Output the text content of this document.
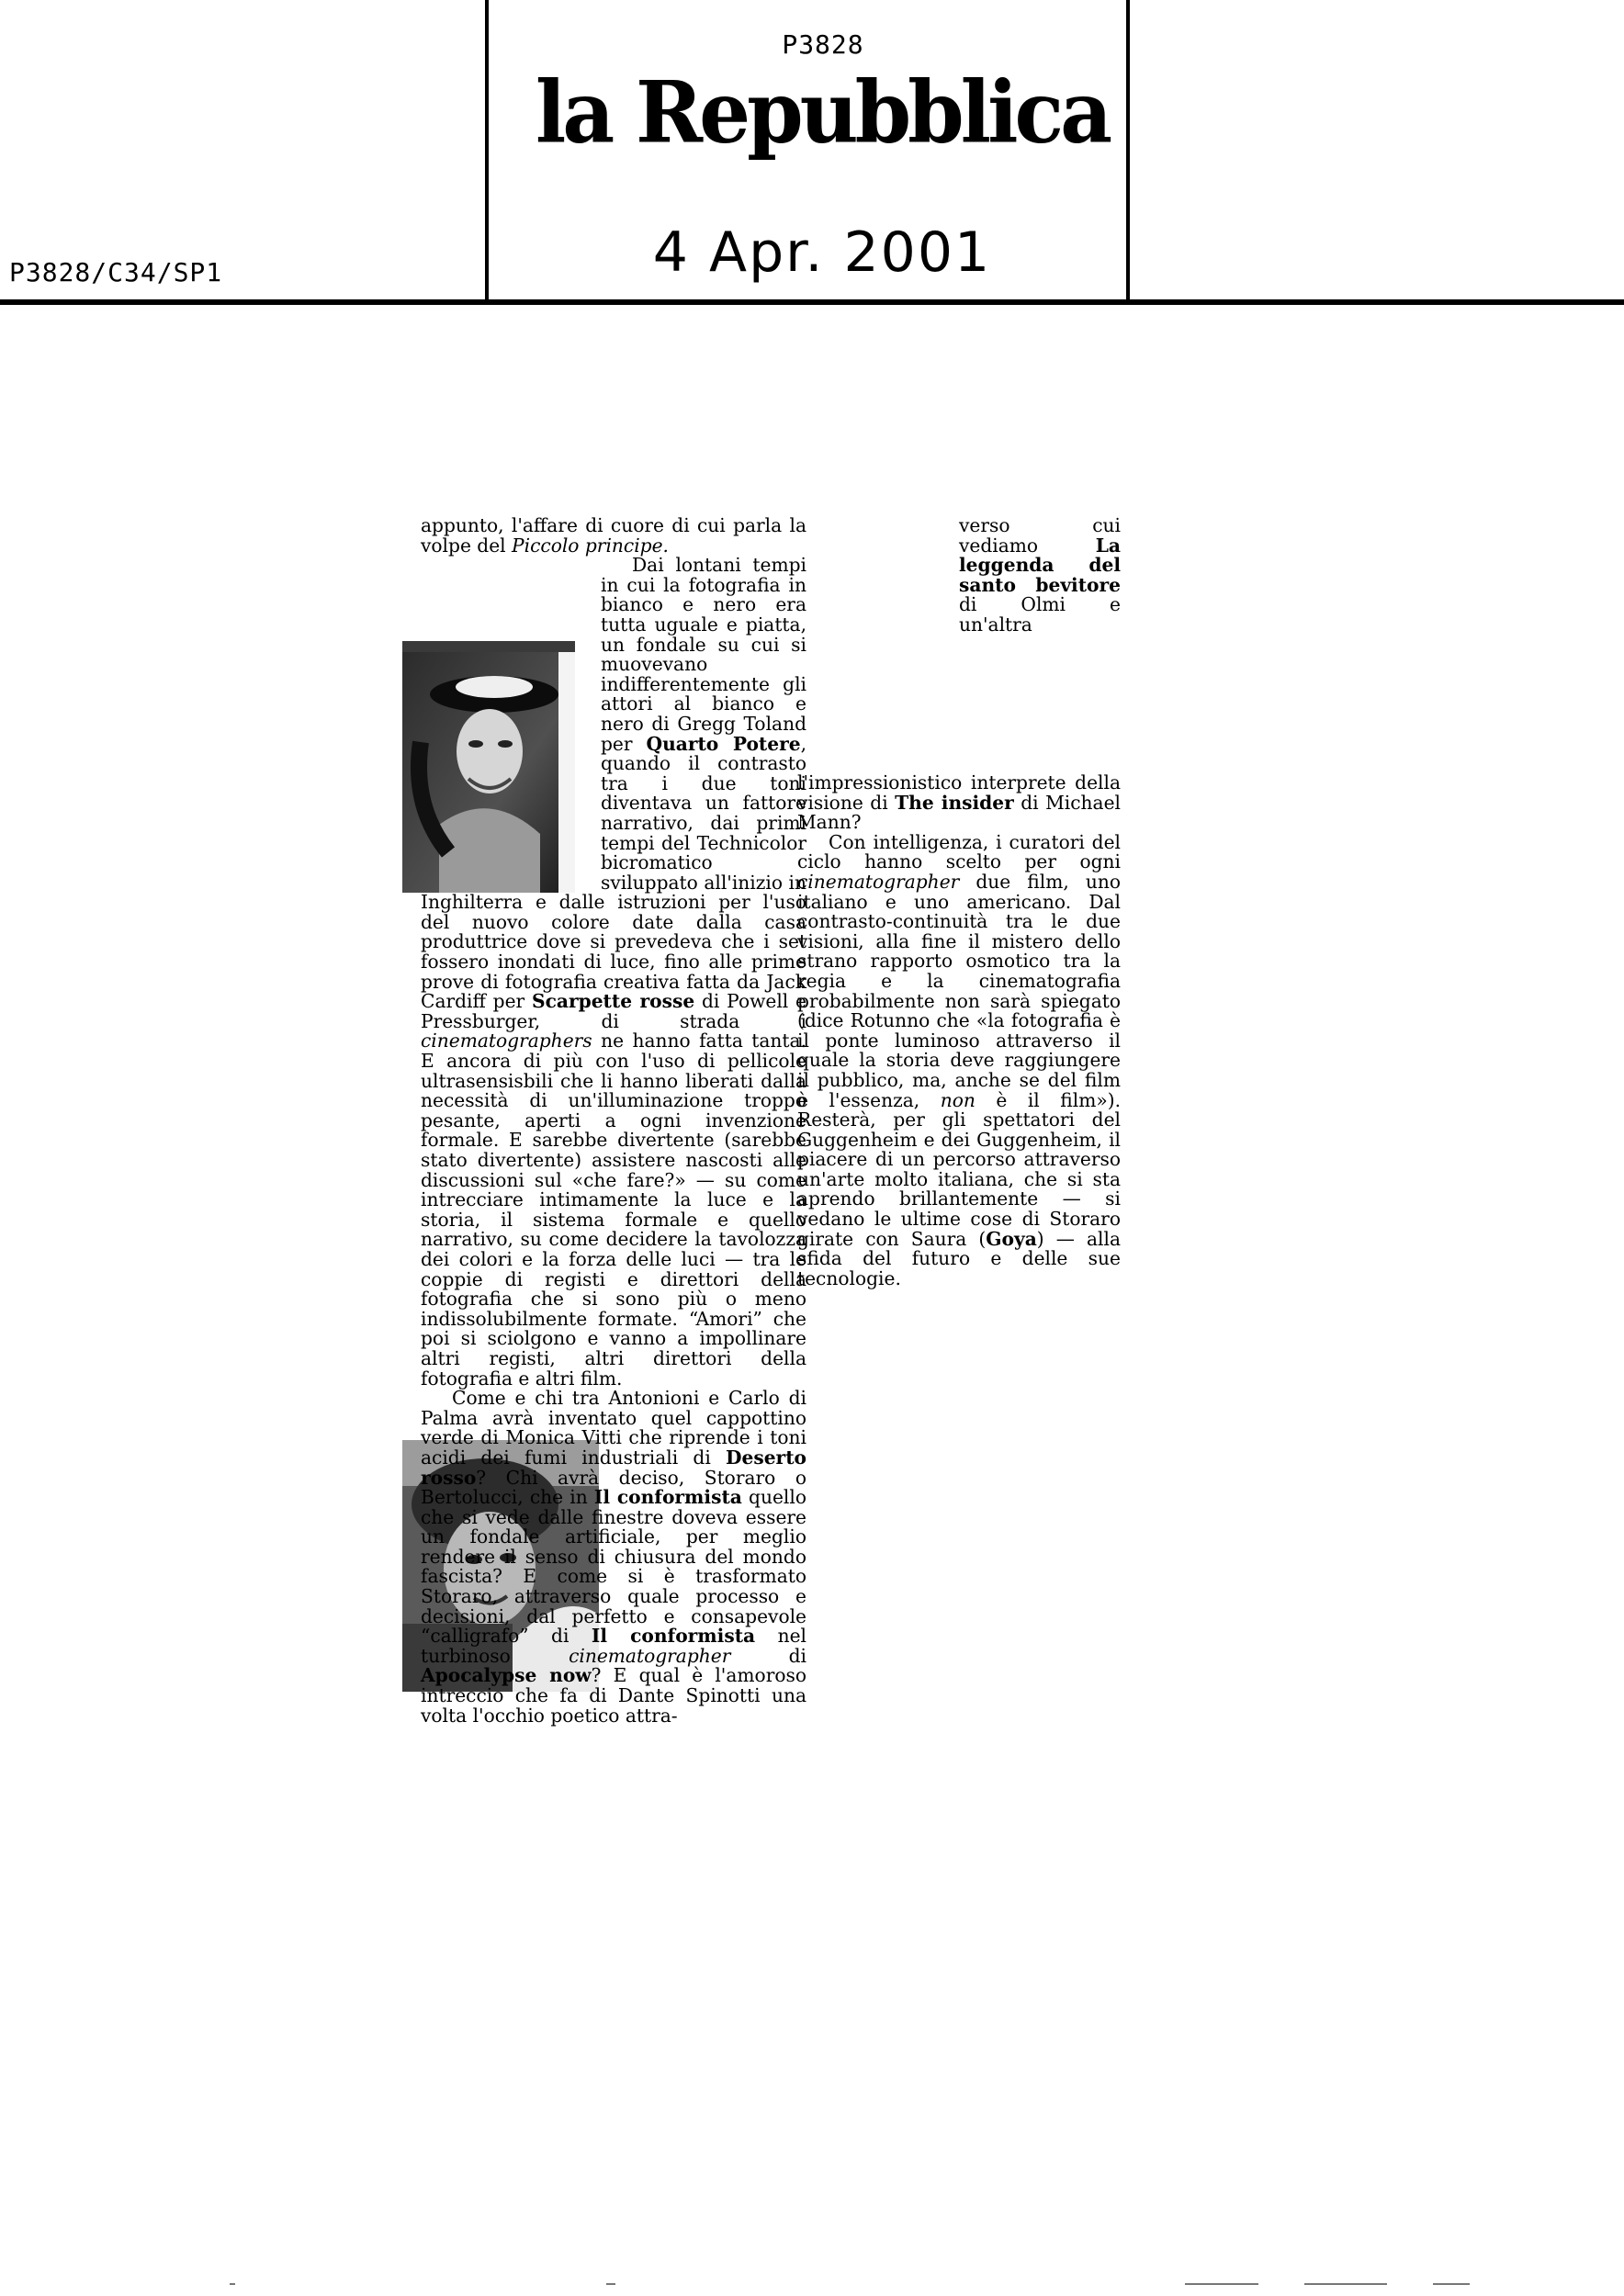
P3828
la Repubblica
4 Apr. 2001
P3828/C34/SP1

appunto, l'affare di cuore di cui parla la volpe del Piccolo principe.

Dai lontani tempi in cui la fotografia in bianco e nero era tutta uguale e piatta, un fondale su cui si muovevano indifferentemente gli attori al bianco e nero di Gregg Toland per Quarto Potere, quando il contrasto tra i due toni diventava un fattore narrativo, dai primi tempi del Technicolor bicromatico sviluppato all'inizio in Inghilterra e dalle istruzioni per l'uso del nuovo colore date dalla casa produttrice dove si prevedeva che i set fossero inondati di luce, fino alle prime prove di fotografia creativa fatta da Jack Cardiff per Scarpette rosse di Powell e Pressburger, di strada i cinematographers ne hanno fatta tanta. E ancora di più con l'uso di pellicole ultrasensisbili che li hanno liberati dalla necessità di un'illuminazione troppo pesante, aperti a ogni invenzione formale. E sarebbe divertente (sarebbe stato divertente) assistere nascosti alle discussioni sul «che fare?» — su come intrecciare intimamente la luce e la storia, il sistema formale e quello narrativo, su come decidere la tavolozza dei colori e la forza delle luci — tra le coppie di registi e direttori della fotografia che si sono più o meno indissolubilmente formate. “Amori” che poi si sciolgono e vanno a impollinare altri registi, altri direttori della fotografia e altri film.

Come e chi tra Antonioni e Carlo di Palma avrà inventato quel cappottino verde di Monica Vitti che riprende i toni acidi dei fumi industriali di Deserto rosso? Chi avrà deciso, Storaro o Bertolucci, che in Il conformista quello che si vede dalle finestre doveva essere un fondale artificiale, per meglio rendere il senso di chiusura del mondo fascista? E come si è trasformato Storaro, attraverso quale processo e decisioni, dal perfetto e consapevole “calligrafo” di Il conformista nel turbinoso cinematographer di Apocalypse now? E qual è l'amoroso intreccio che fa di Dante Spinotti una volta l'occhio poetico attra-

verso cui vediamo La leggenda del santo bevitore di Olmi e un'altra l'impressionistico interprete della visione di The insider di Michael Mann?

Con intelligenza, i curatori del ciclo hanno scelto per ogni cinematographer due film, uno italiano e uno americano. Dal contrasto-continuità tra le due visioni, alla fine il mistero dello strano rapporto osmotico tra la regia e la cinematografia probabilmente non sarà spiegato (dice Rotunno che «la fotografia è il ponte luminoso attraverso il quale la storia deve raggiungere il pubblico, ma, anche se del film è l'essenza, non è il film»). Resterà, per gli spettatori del Guggenheim e dei Guggenheim, il piacere di un percorso attraverso un'arte molto italiana, che si sta aprendo brillantemente — si vedano le ultime cose di Storaro girate con Saura (Goya) — alla sfida del futuro e delle sue tecnologie.
